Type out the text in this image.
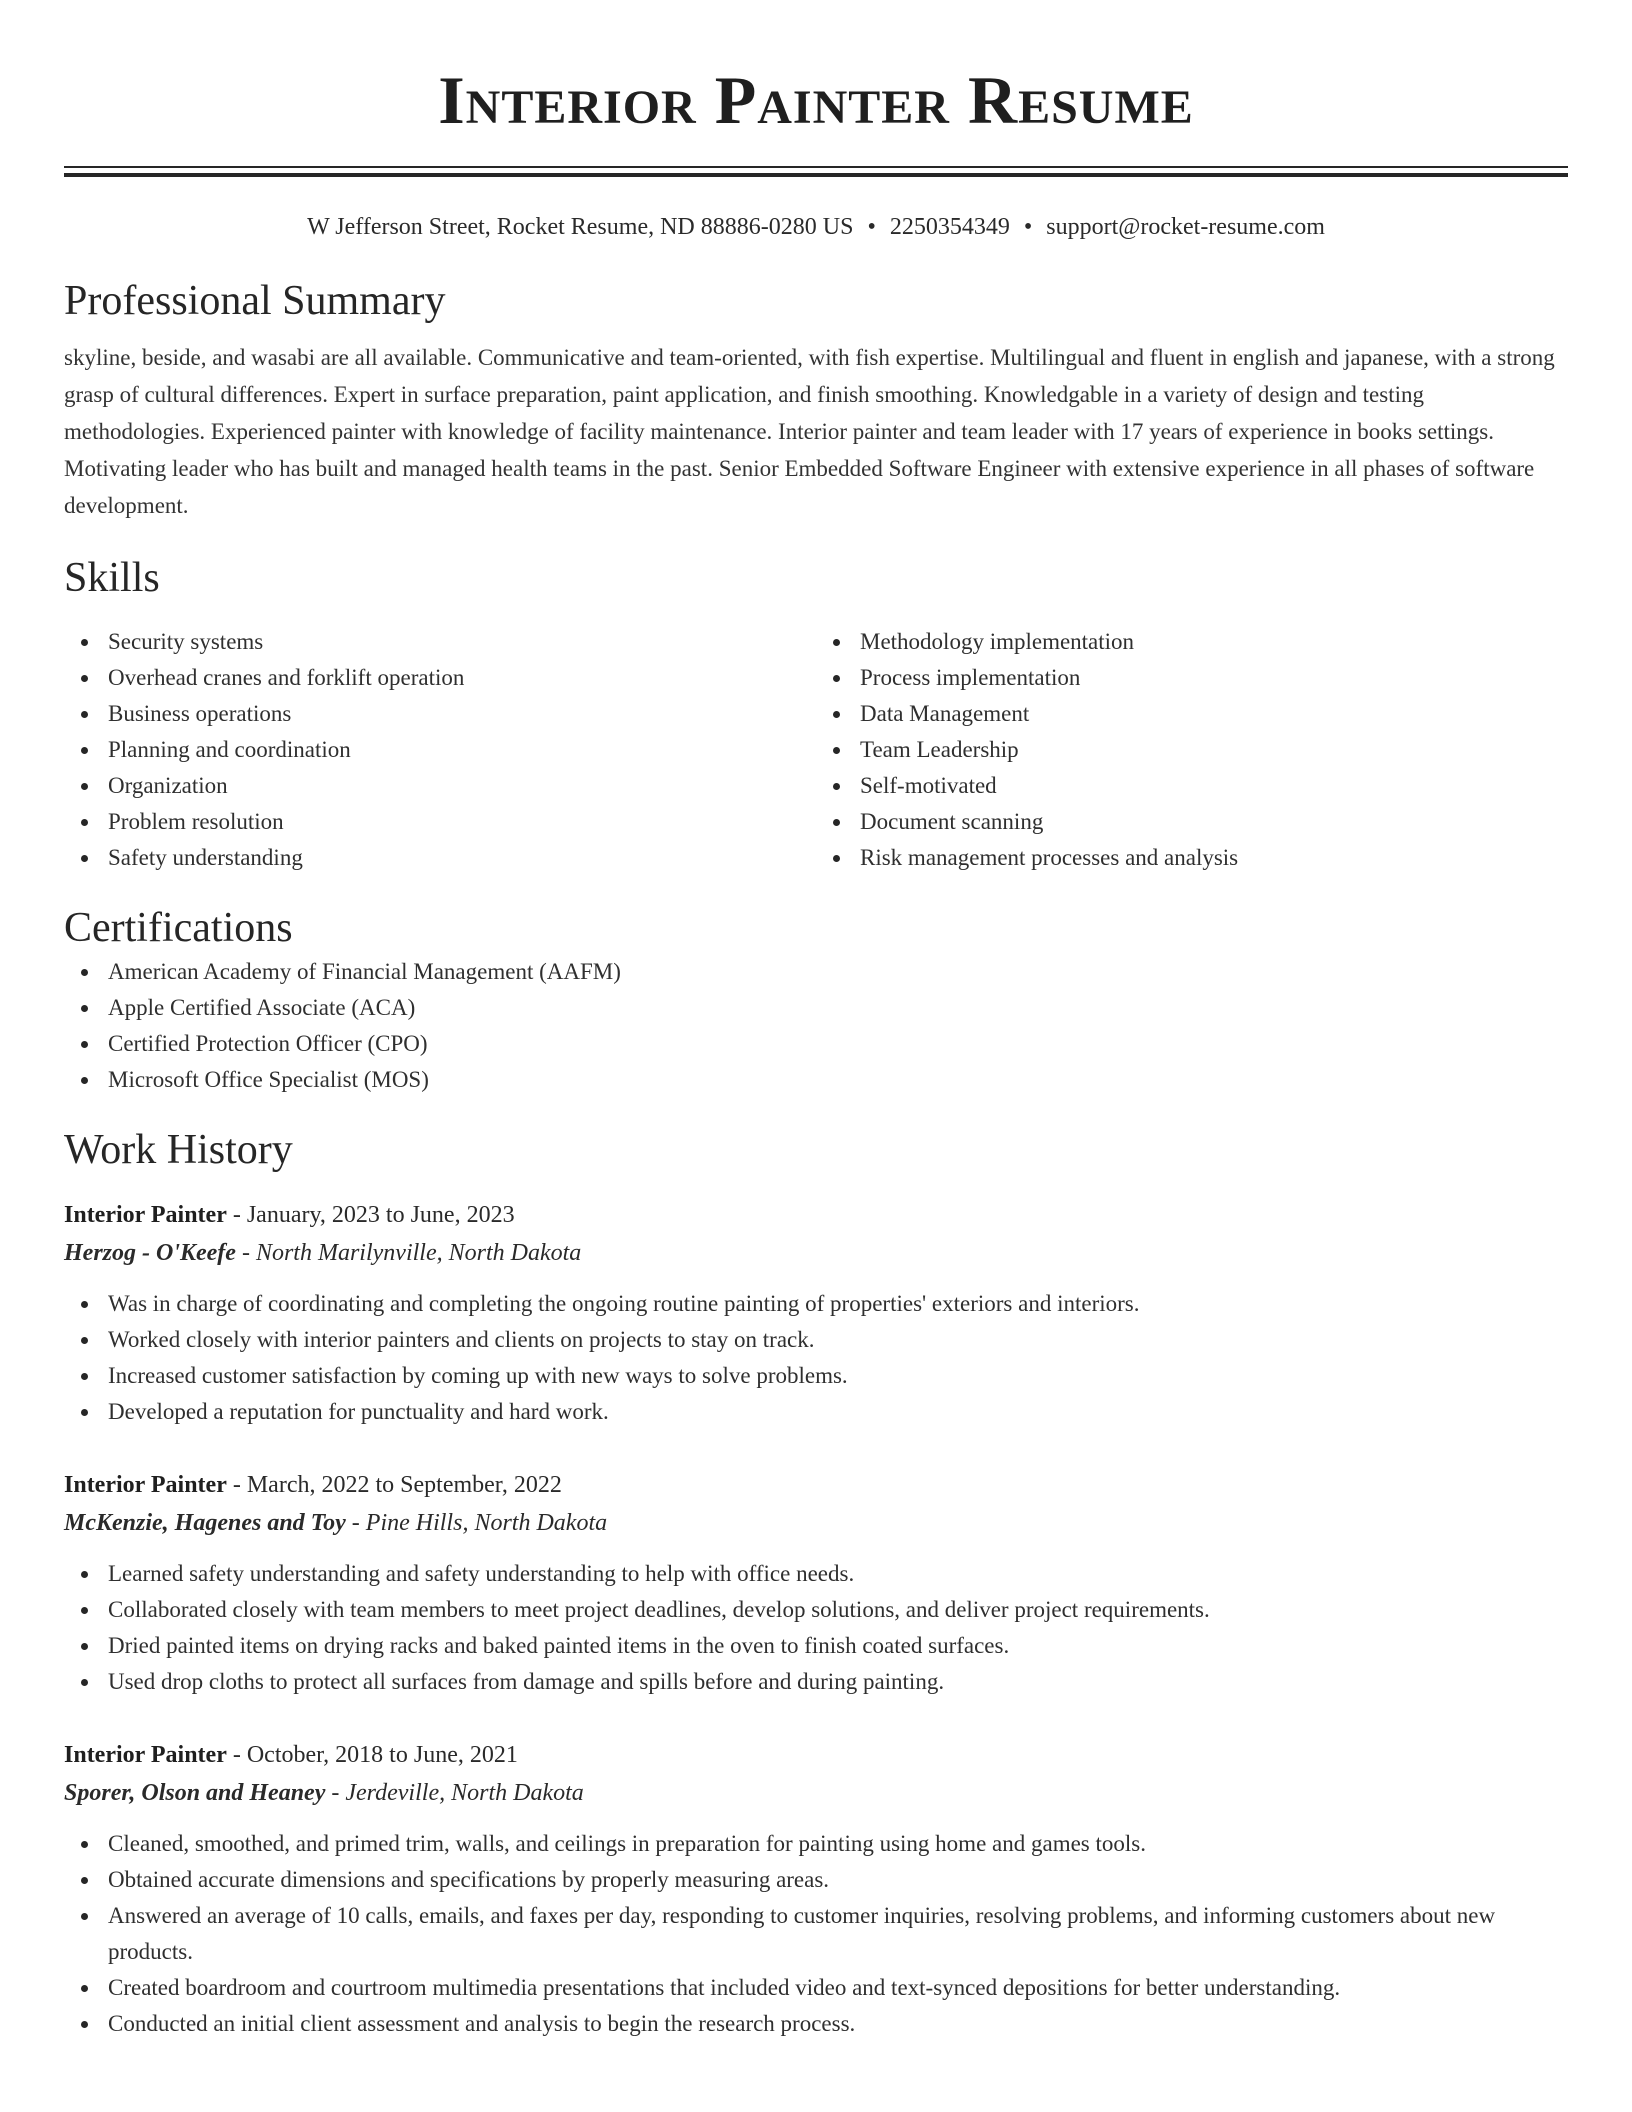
Interior Painter Resume
W Jefferson Street, Rocket Resume, ND 88886-0280 US • 2250354349 • support@rocket-resume.com
Professional Summary
skyline, beside, and wasabi are all available. Communicative and team-oriented, with fish expertise. Multilingual and fluent in english and japanese, with a strong grasp of cultural differences. Expert in surface preparation, paint application, and finish smoothing. Knowledgable in a variety of design and testing methodologies. Experienced painter with knowledge of facility maintenance. Interior painter and team leader with 17 years of experience in books settings. Motivating leader who has built and managed health teams in the past. Senior Embedded Software Engineer with extensive experience in all phases of software development.
Skills
Security systems
Overhead cranes and forklift operation
Business operations
Planning and coordination
Organization
Problem resolution
Safety understanding
Methodology implementation
Process implementation
Data Management
Team Leadership
Self-motivated
Document scanning
Risk management processes and analysis
Certifications
American Academy of Financial Management (AAFM)
Apple Certified Associate (ACA)
Certified Protection Officer (CPO)
Microsoft Office Specialist (MOS)
Work History
Interior Painter - January, 2023 to June, 2023
Herzog - O'Keefe - North Marilynville, North Dakota
Was in charge of coordinating and completing the ongoing routine painting of properties' exteriors and interiors.
Worked closely with interior painters and clients on projects to stay on track.
Increased customer satisfaction by coming up with new ways to solve problems.
Developed a reputation for punctuality and hard work.
Interior Painter - March, 2022 to September, 2022
McKenzie, Hagenes and Toy - Pine Hills, North Dakota
Learned safety understanding and safety understanding to help with office needs.
Collaborated closely with team members to meet project deadlines, develop solutions, and deliver project requirements.
Dried painted items on drying racks and baked painted items in the oven to finish coated surfaces.
Used drop cloths to protect all surfaces from damage and spills before and during painting.
Interior Painter - October, 2018 to June, 2021
Sporer, Olson and Heaney - Jerdeville, North Dakota
Cleaned, smoothed, and primed trim, walls, and ceilings in preparation for painting using home and games tools.
Obtained accurate dimensions and specifications by properly measuring areas.
Answered an average of 10 calls, emails, and faxes per day, responding to customer inquiries, resolving problems, and informing customers about new products.
Created boardroom and courtroom multimedia presentations that included video and text-synced depositions for better understanding.
Conducted an initial client assessment and analysis to begin the research process.
